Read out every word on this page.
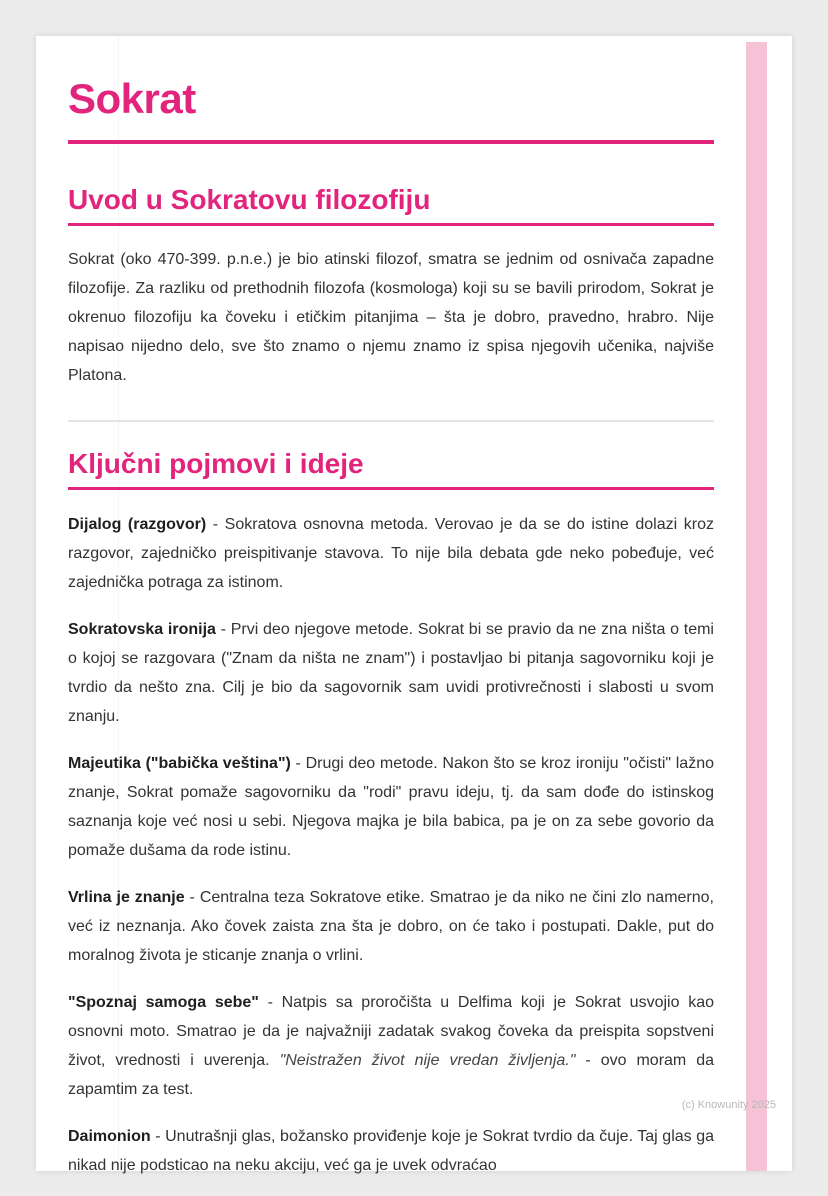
Sokrat
Uvod u Sokratovu filozofiju

Sokrat (oko 470-399. p.n.e.) je bio atinski filozof, smatra se jednim od osnivača zapadne filozofije. Za razliku od prethodnih filozofa (kosmologa) koji su se bavili prirodom, Sokrat je okrenuo filozofiju ka čoveku i etičkim pitanjima – šta je dobro, pravedno, hrabro. Nije napisao nijedno delo, sve što znamo o njemu znamo iz spisa njegovih učenika, najviše Platona.

Ključni pojmovi i ideje

Dijalog (razgovor) - Sokratova osnovna metoda. Verovao je da se do istine dolazi kroz razgovor, zajedničko preispitivanje stavova. To nije bila debata gde neko pobeđuje, već zajednička potraga za istinom.

Sokratovska ironija - Prvi deo njegove metode. Sokrat bi se pravio da ne zna ništa o temi o kojoj se razgovara ("Znam da ništa ne znam") i postavljao bi pitanja sagovorniku koji je tvrdio da nešto zna. Cilj je bio da sagovornik sam uvidi protivrečnosti i slabosti u svom znanju.

Majeutika ("babička veština") - Drugi deo metode. Nakon što se kroz ironiju "očisti" lažno znanje, Sokrat pomaže sagovorniku da "rodi" pravu ideju, tj. da sam dođe do istinskog saznanja koje već nosi u sebi. Njegova majka je bila babica, pa je on za sebe govorio da pomaže dušama da rode istinu.

Vrlina je znanje - Centralna teza Sokratove etike. Smatrao je da niko ne čini zlo namerno, već iz neznanja. Ako čovek zaista zna šta je dobro, on će tako i postupati. Dakle, put do moralnog života je sticanje znanja o vrlini.

"Spoznaj samoga sebe" - Natpis sa proročišta u Delfima koji je Sokrat usvojio kao osnovni moto. Smatrao je da je najvažniji zadatak svakog čoveka da preispita sopstveni život, vrednosti i uverenja. "Neistražen život nije vredan življenja." - ovo moram da zapamtim za test.

Daimonion - Unutrašnji glas, božansko proviđenje koje je Sokrat tvrdio da čuje. Taj glas ga nikad nije podsticao na neku akciju, već ga je uvek odvraćao

(c) Knowunity 2025
